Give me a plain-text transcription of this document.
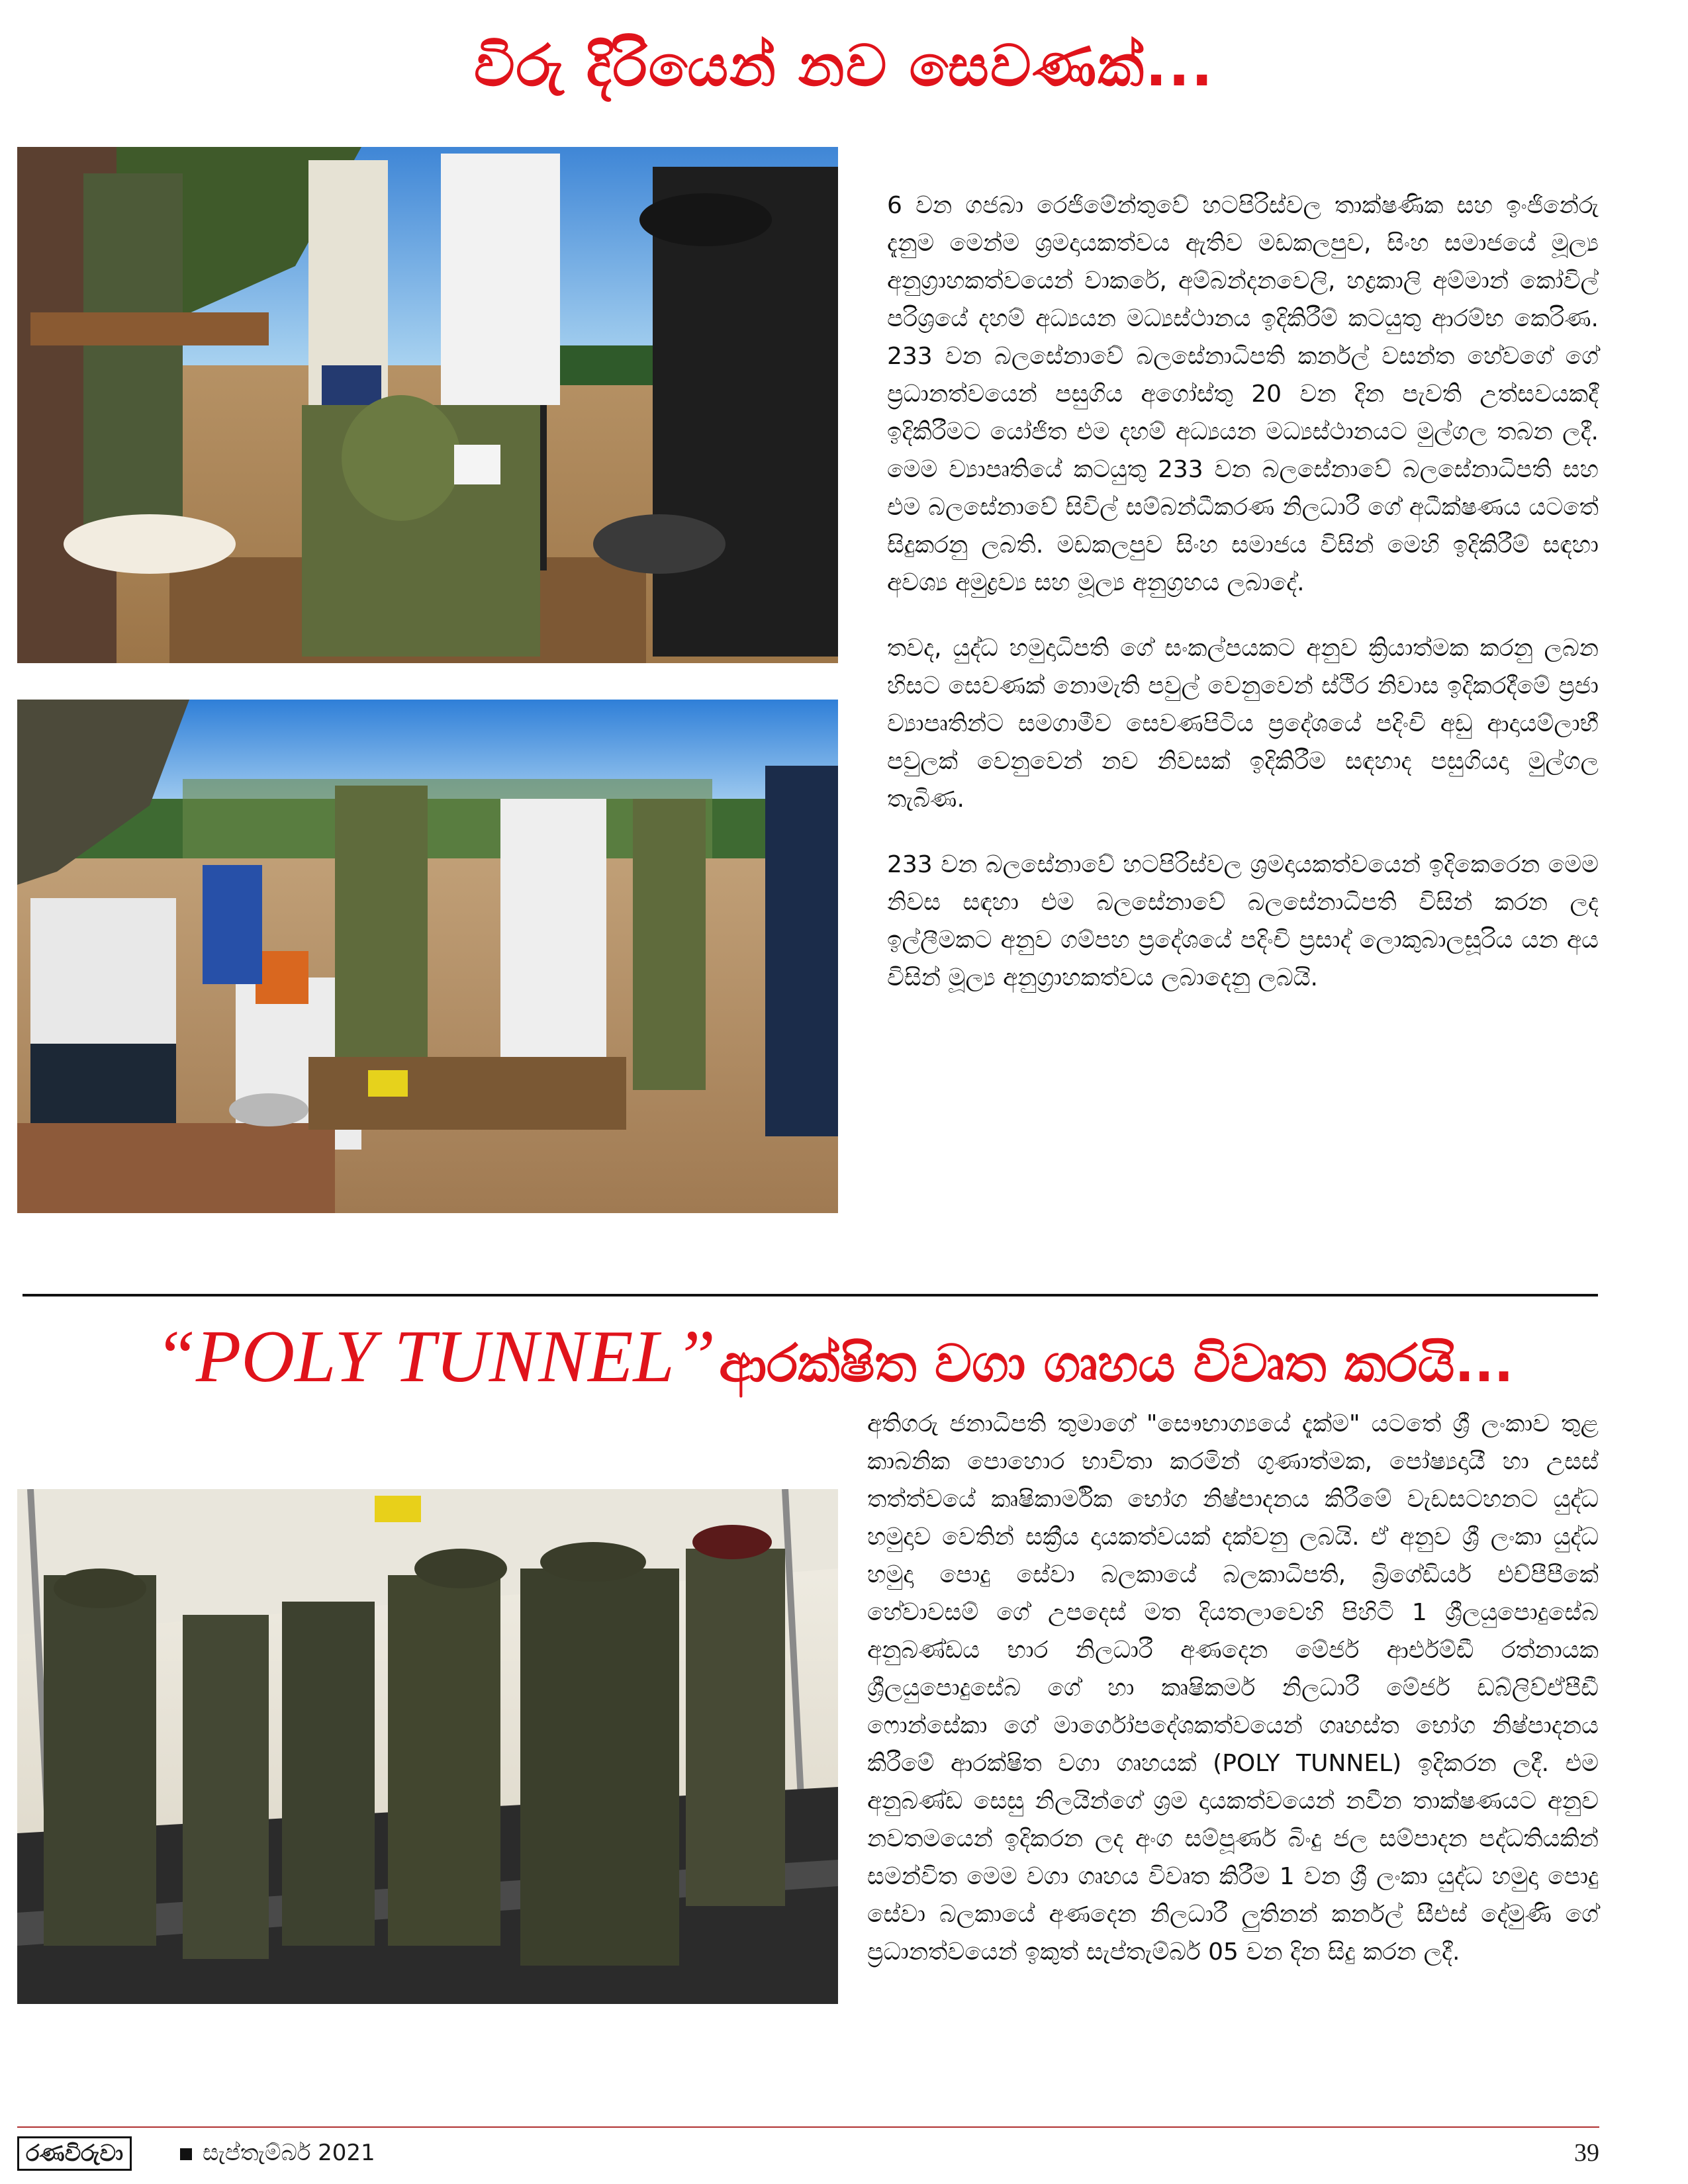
විරු දිරියෙන් නව සෙවණක්...

6 වන ගජබා රෙජිමේන්තුවේ හටපිරිස්වල තාක්ෂණික සහ ඉංජිනේරු දැනුම මෙන්ම ශ්‍රමදායකත්වය ඇතිව මඩකලපුව, සිංහ සමාජයේ මූල්‍ය අනුග්‍රාහකත්වයෙන් වාකරේ, අම්බන්දනවෙලි, හද්‍රකාලි අම්මාන් කෝවිල් පරිශ්‍රයේ දහම් අධ්‍යයන මධ්‍යස්ථානය ඉදිකිරීම් කටයුතු ආරම්භ කෙරිණ. 233 වන බලසේනාවේ බලසේනාධිපති කර්නල් වසන්ත හේවගේ ගේ ප්‍රධානත්වයෙන් පසුගිය අගෝස්තු 20 වන දින පැවති උත්සවයකදී ඉදිකිරීමට යෝජිත එම දහම් අධ්‍යයන මධ්‍යස්ථානයට මුල්ගල තබන ලදී. මෙම ව්‍යාපෘතියේ කටයුතු 233 වන බලසේනාවේ බලසේනාධිපති සහ එම බලසේනාවේ සිවිල් සම්බන්ධීකරණ නිලධාරී ගේ අධීක්ෂණය යටතේ සිදුකරනු ලබති. මඩකලපුව සිංහ සමාජය විසින් මෙහි ඉදිකිරීම් සඳහා අවශ්‍ය අමුද්‍රව්‍ය සහ මූල්‍ය අනුග්‍රහය ලබාදේ.

තවද, යුද්ධ හමුදාධිපති ගේ සංකල්පයකට අනුව ක්‍රියාත්මක කරනු ලබන හිසට සෙවණක් නොමැති පවුල් වෙනුවෙන් ස්ථිර නිවාස ඉදිකරදීමේ ප්‍රජා ව්‍යාපෘතින්ට සමගාමීව සෙවණපිටිය ප්‍රදේශයේ පදිංචි අඩු ආදායම්ලාභී පවුලක් වෙනුවෙන් නව නිවසක් ඉදිකිරීම සඳහාද පසුගියදා මුල්ගල තැබිණ.

233 වන බලසේනාවේ හටපිරිස්වල ශ්‍රමදායකත්වයෙන් ඉදිකෙරෙන මෙම නිවස සඳහා එම බලසේනාවේ බලසේනාධිපති විසින් කරන ලද ඉල්ලීමකට අනුව ගම්පහ ප්‍රදේශයේ පදිංචි ප්‍රසාද් ලොකුබාලසූරිය යන අය විසින් මූල්‍ය අනුග්‍රාහකත්වය ලබාදෙනු ලබයි.

“POLY TUNNEL” ආරක්ෂිත වගා ගෘහය විවෘත කරයි...

අතිගරු ජනාධිපති තුමාගේ "සෞභාග්‍යයේ දැක්ම" යටතේ ශ්‍රී ලංකාව තුළ කාබනික පොහොර භාවිතා කරමින් ගුණාත්මක, පෝෂ්‍යදායී හා උසස් තත්ත්වයේ කෘෂිකාර්මික භෝග නිෂ්පාදනය කිරීමේ වැඩසටහනට යුද්ධ හමුදාව වෙතින් සක්‍රීය දායකත්වයක් දක්වනු ලබයි. ඒ අනුව ශ්‍රී ලංකා යුද්ධ හමුදා පොදු සේවා බලකායේ බලකාධිපති, බ්‍රිගේඩියර් එච්පීපීකේ හේවාවසම් ගේ උපදෙස් මත දියතලාවෙහි පිහිටි 1 ශ්‍රීලයුපොදුසේබ අනුබණ්ඩය භාර නිලධාරී අණදෙන මේජර් ආර්එම්ඩී රත්නායක ශ්‍රීලයුපොදුසේබ ගේ හා කෘෂිකර්ම නිලධාරී මේජර් ඩබ්ලිව්ඒපීඩී ෆොන්සේකා ගේ මාර්ගෝපදේශකත්වයෙන් ගෘහස්ත භෝග නිෂ්පාදනය කිරීමේ ආරක්ෂිත වගා ගෘහයක් (POLY TUNNEL) ඉදිකරන ලදී. එම අනුබණ්ඩ සෙසු නිලයින්ගේ ශ්‍රම දායකත්වයෙන් නවීන තාක්ෂණයට අනුව නවතමයෙන් ඉදිකරන ලද අංග සම්පූර්ණ බිංදු ජල සම්පාදන පද්ධතියකින් සමන්විත මෙම වගා ගෘහය විවෘත කිරීම 1 වන ශ්‍රී ලංකා යුද්ධ හමුදා පොදු සේවා බලකායේ අණදෙන නිලධාරී ලුතිනන් කර්නල් සීඑස් දේමුණි ගේ ප්‍රධානත්වයෙන් ඉකුත් සැප්තැම්බර් 05 වන දින සිදු කරන ලදී.

රණවිරුවා	සැප්තැම්බර් 2021	39
